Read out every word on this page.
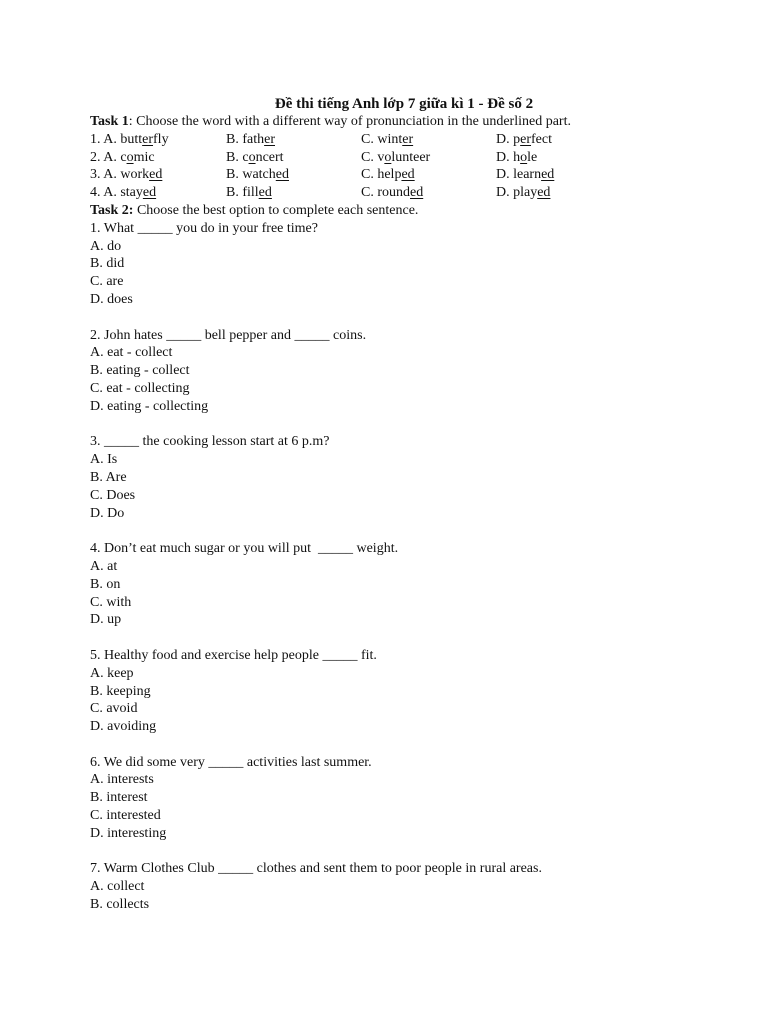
Đề thi tiếng Anh lớp 7 giữa kì 1 - Đề số 2
Task 1: Choose the word with a different way of pronunciation in the underlined part.
1. A. butterfly	B. father	C. winter	D. perfect
2. A. comic	B. concert	C. volunteer	D. hole
3. A. worked	B. watched	C. helped	D. learned
4. A. stayed	B. filled	C. rounded	D. played
Task 2: Choose the best option to complete each sentence.
1. What _____ you do in your free time?
A. do
B. did
C. are
D. does
2. John hates _____ bell pepper and _____ coins.
A. eat - collect
B. eating - collect
C. eat - collecting
D. eating - collecting
3. _____ the cooking lesson start at 6 p.m?
A. Is
B. Are
C. Does
D. Do
4. Don’t eat much sugar or you will put  _____ weight.
A. at
B. on
C. with
D. up
5. Healthy food and exercise help people _____ fit.
A. keep
B. keeping
C. avoid
D. avoiding
6. We did some very _____ activities last summer.
A. interests
B. interest
C. interested
D. interesting
7. Warm Clothes Club _____ clothes and sent them to poor people in rural areas.
A. collect
B. collects
